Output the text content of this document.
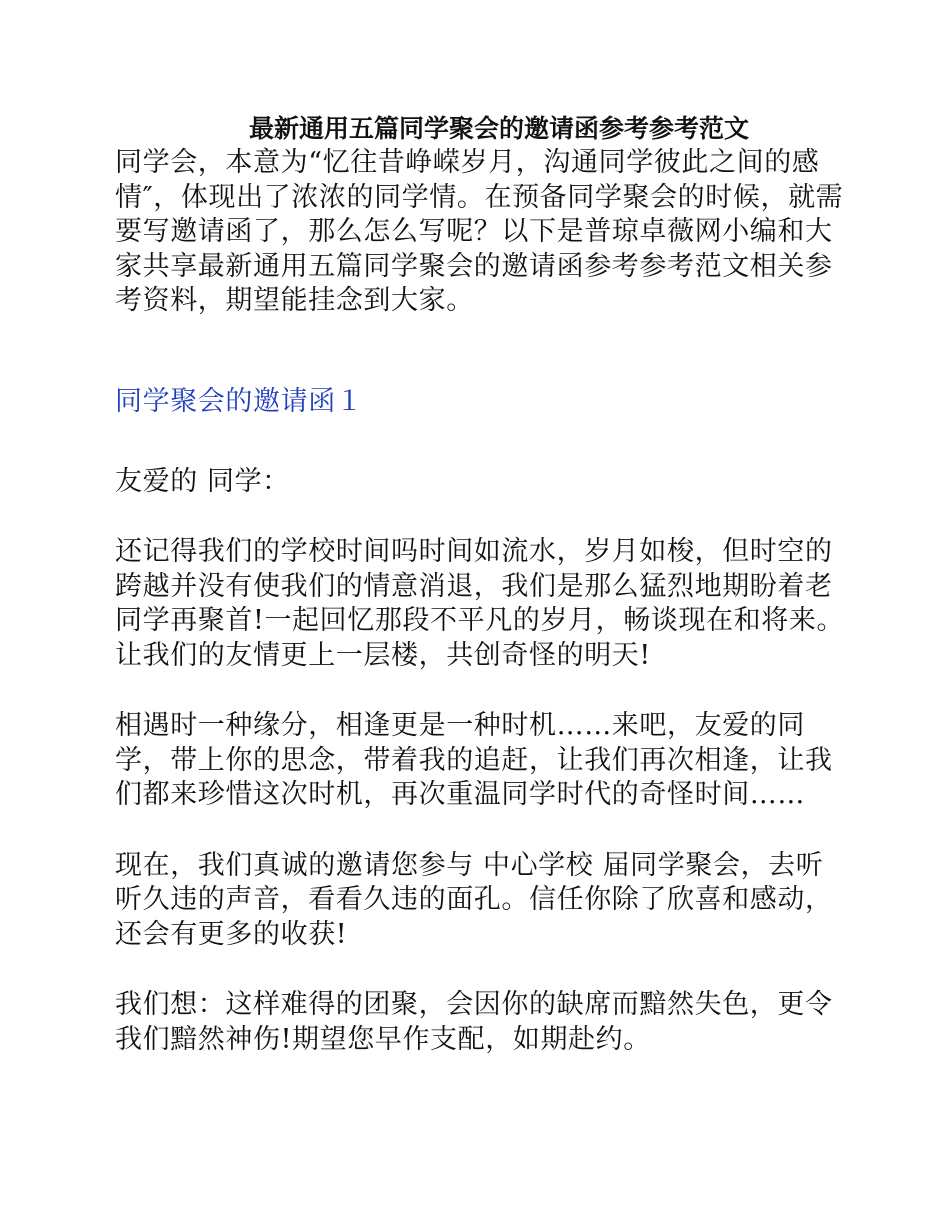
最新通用五篇同学聚会的邀请函参考参考范文

同学会，本意为“忆往昔峥嵘岁月，沟通同学彼此之间的感情″，体现出了浓浓的同学情。在预备同学聚会的时候，就需要写邀请函了，那么怎么写呢？以下是普琼卓薇网小编和大家共享最新通用五篇同学聚会的邀请函参考参考范文相关参考资料，期望能挂念到大家。

同学聚会的邀请函１

友爱的 同学：

还记得我们的学校时间吗时间如流水，岁月如梭，但时空的跨越并没有使我们的情意消退，我们是那么猛烈地期盼着老同学再聚首!一起回忆那段不平凡的岁月，畅谈现在和将来。让我们的友情更上一层楼，共创奇怪的明天!

相遇时一种缘分，相逢更是一种时机……来吧，友爱的同学，带上你的思念，带着我的追赶，让我们再次相逢，让我们都来珍惜这次时机，再次重温同学时代的奇怪时间……

现在，我们真诚的邀请您参与 中心学校 届同学聚会，去听听久违的声音，看看久违的面孔。信任你除了欣喜和感动，还会有更多的收获!

我们想：这样难得的团聚，会因你的缺席而黯然失色，更令我们黯然神伤!期望您早作支配，如期赴约。
